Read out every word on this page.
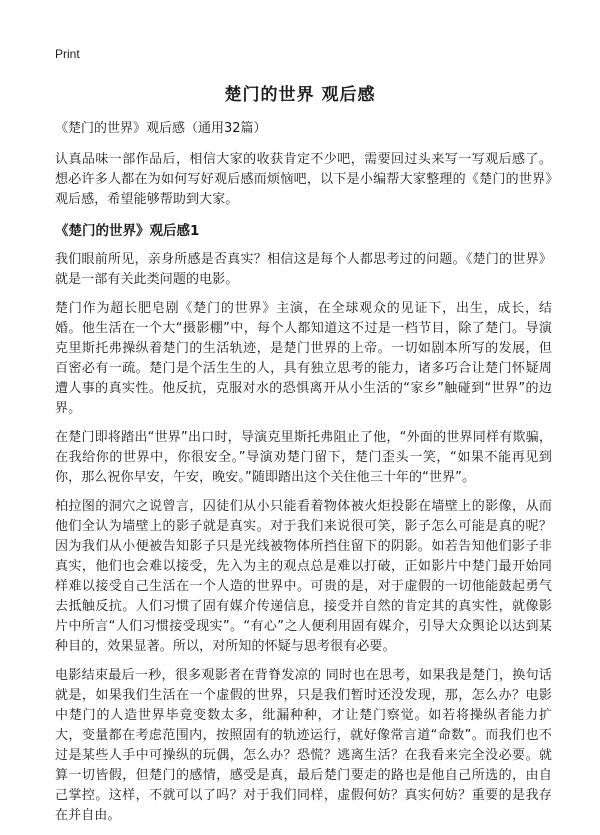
Print
楚门的世界 观后感
《楚门的世界》观后感（通用32篇）

认真品味一部作品后，相信大家的收获肯定不少吧，需要回过头来写一写观后感了。想必许多人都在为如何写好观后感而烦恼吧，以下是小编帮大家整理的《楚门的世界》观后感，希望能够帮助到大家。

《楚门的世界》观后感1

我们眼前所见，亲身所感是否真实？相信这是每个人都思考过的问题。《楚门的世界》就是一部有关此类问题的电影。

楚门作为超长肥皂剧《楚门的世界》主演，在全球观众的见证下，出生，成长，结婚。他生活在一个大“摄影棚”中，每个人都知道这不过是一档节目，除了楚门。导演克里斯托弗操纵着楚门的生活轨迹，是楚门世界的上帝。一切如剧本所写的发展，但百密必有一疏。楚门是个活生生的人，具有独立思考的能力，诸多巧合让楚门怀疑周遭人事的真实性。他反抗，克服对水的恐惧离开从小生活的“家乡”触碰到“世界”的边界。

在楚门即将踏出“世界”出口时，导演克里斯托弗阻止了他，“外面的世界同样有欺骗，在我给你的世界中，你很安全。”导演劝楚门留下，楚门歪头一笑，“如果不能再见到你，那么祝你早安，午安，晚安。”随即踏出这个关住他三十年的“世界”。

柏拉图的洞穴之说曾言，囚徒们从小只能看着物体被火炬投影在墙壁上的影像，从而他们全认为墙壁上的影子就是真实。对于我们来说很可笑，影子怎么可能是真的呢？因为我们从小便被告知影子只是光线被物体所挡住留下的阴影。如若告知他们影子非真实，他们也会难以接受，先入为主的观点总是难以打破，正如影片中楚门最开始同样难以接受自己生活在一个人造的世界中。可贵的是，对于虚假的一切他能鼓起勇气去抵触反抗。人们习惯了固有媒介传递信息，接受并自然的肯定其的真实性，就像影片中所言“人们习惯接受现实”。“有心”之人便利用固有媒介，引导大众舆论以达到某种目的，效果显著。所以，对所知的怀疑与思考很有必要。

电影结束最后一秒，很多观影者在背脊发凉的 同时也在思考，如果我是楚门，换句话就是，如果我们生活在一个虚假的世界，只是我们暂时还没发现，那，怎么办？电影中楚门的人造世界毕竟变数太多，纰漏种种，才让楚门察觉。如若将操纵者能力扩大，变量都在考虑范围内，按照固有的轨迹运行，就好像常言道“命数”。而我们也不过是某些人手中可操纵的玩偶，怎么办？恐慌？逃离生活？在我看来完全没必要。就算一切皆假，但楚门的感情，感受是真，最后楚门要走的路也是他自己所选的，由自己掌控。这样，不就可以了吗？对于我们同样，虚假何妨？真实何妨？重要的是我存在并自由。
